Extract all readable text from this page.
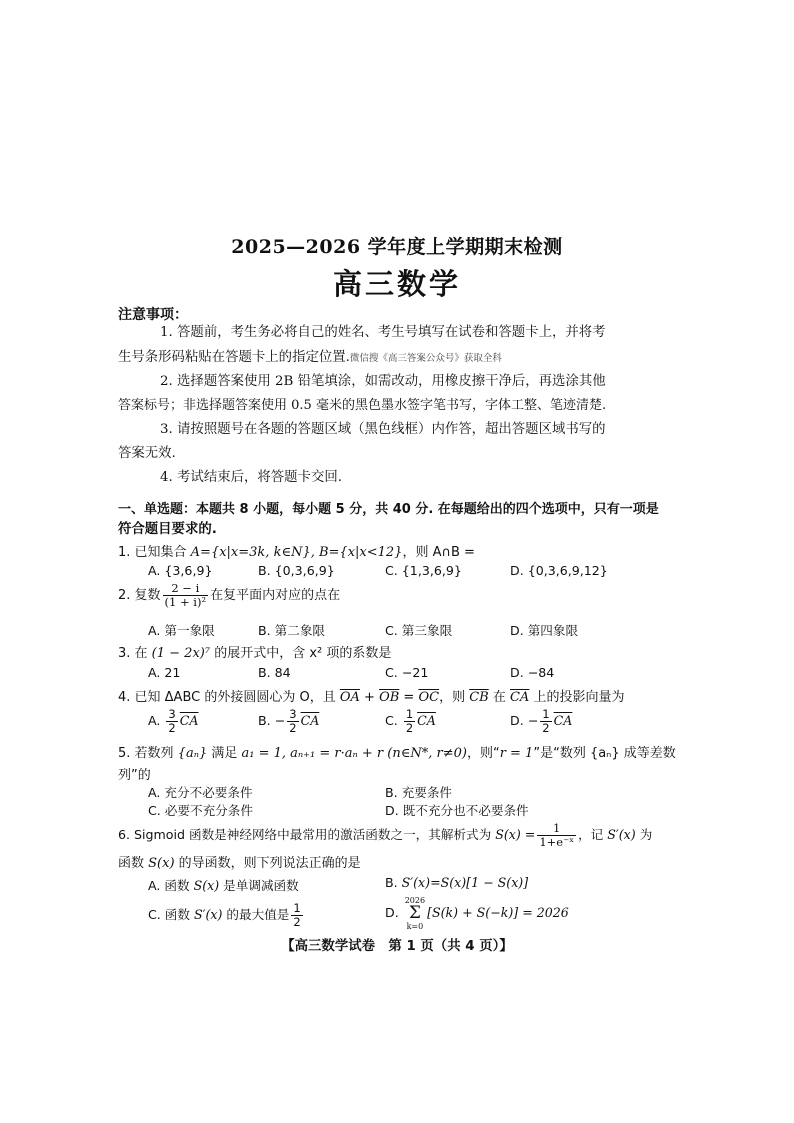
2025—2026 学年度上学期期末检测
高三数学
注意事项：
1. 答题前，考生务必将自己的姓名、考生号填写在试卷和答题卡上，并将考
生号条形码粘贴在答题卡上的指定位置.微信搜《高三答案公众号》获取全科
2. 选择题答案使用 2B 铅笔填涂，如需改动，用橡皮擦干净后，再选涂其他
答案标号；非选择题答案使用 0.5 毫米的黑色墨水签字笔书写，字体工整、笔迹清楚.
3. 请按照题号在各题的答题区域（黑色线框）内作答，超出答题区域书写的
答案无效.
4. 考试结束后，将答题卡交回.
一、单选题：本题共 8 小题，每小题 5 分，共 40 分. 在每题给出的四个选项中，只有一项是
符合题目要求的.
1. 已知集合 A={x|x=3k, k∈N}, B={x|x<12}，则 A∩B =
A. {3,6,9}	B. {0,3,6,9}	C. {1,3,6,9}	D. {0,3,6,9,12}
2. 复数 $\frac{2 - i}{\text{(1 + i)²}}$ 在复平面内对应的点在
A. 第一象限	B. 第二象限	C. 第三象限	D. 第四象限
3. 在 (1 − 2x)⁷ 的展开式中，含 x² 项的系数是
A. 21	B. 84	C. −21	D. −84
4. 已知 ΔABC 的外接圆圆心为 O，且 $\overline{OA} + \overline{OB} = \overline{OC}$，则 $\overline{CB}$ 在 $\overline{CA}$ 上的投影向量为
A. $\frac{3}{2} \overline{CA}$	B. − $\frac{3}{2} \overline{CA}$	C. $\frac{1}{2} \overline{CA}$	D. − $\frac{1}{2} \overline{CA}$
5. 若数列 {aₙ} 满足 a₁ = 1, aₙ₊₁ = r·aₙ + r (n∈N*, r≠0)，则“r = 1”是“数列 {aₙ} 成等差数
列”的
A. 充分不必要条件	B. 充要条件
C. 必要不充分条件	D. 既不充分也不必要条件
6. Sigmoid 函数是神经网络中最常用的激活函数之一，其解析式为 $S(x) = \frac{1}{\text{1+e⁻ˣ}}$ ，记 S′(x) 为
函数 S(x) 的导函数，则下列说法正确的是
A. 函数 S(x) 是单调减函数	B. S′(x)=S(x)[1 − S(x)]
C. 函数 S′(x) 的最大值是 $\frac{1}{2}$	D.
2026
Σ
k=0
[S(k) + S(−k)] = 2026
【高三数学试卷　第 1 页（共 4 页）】
